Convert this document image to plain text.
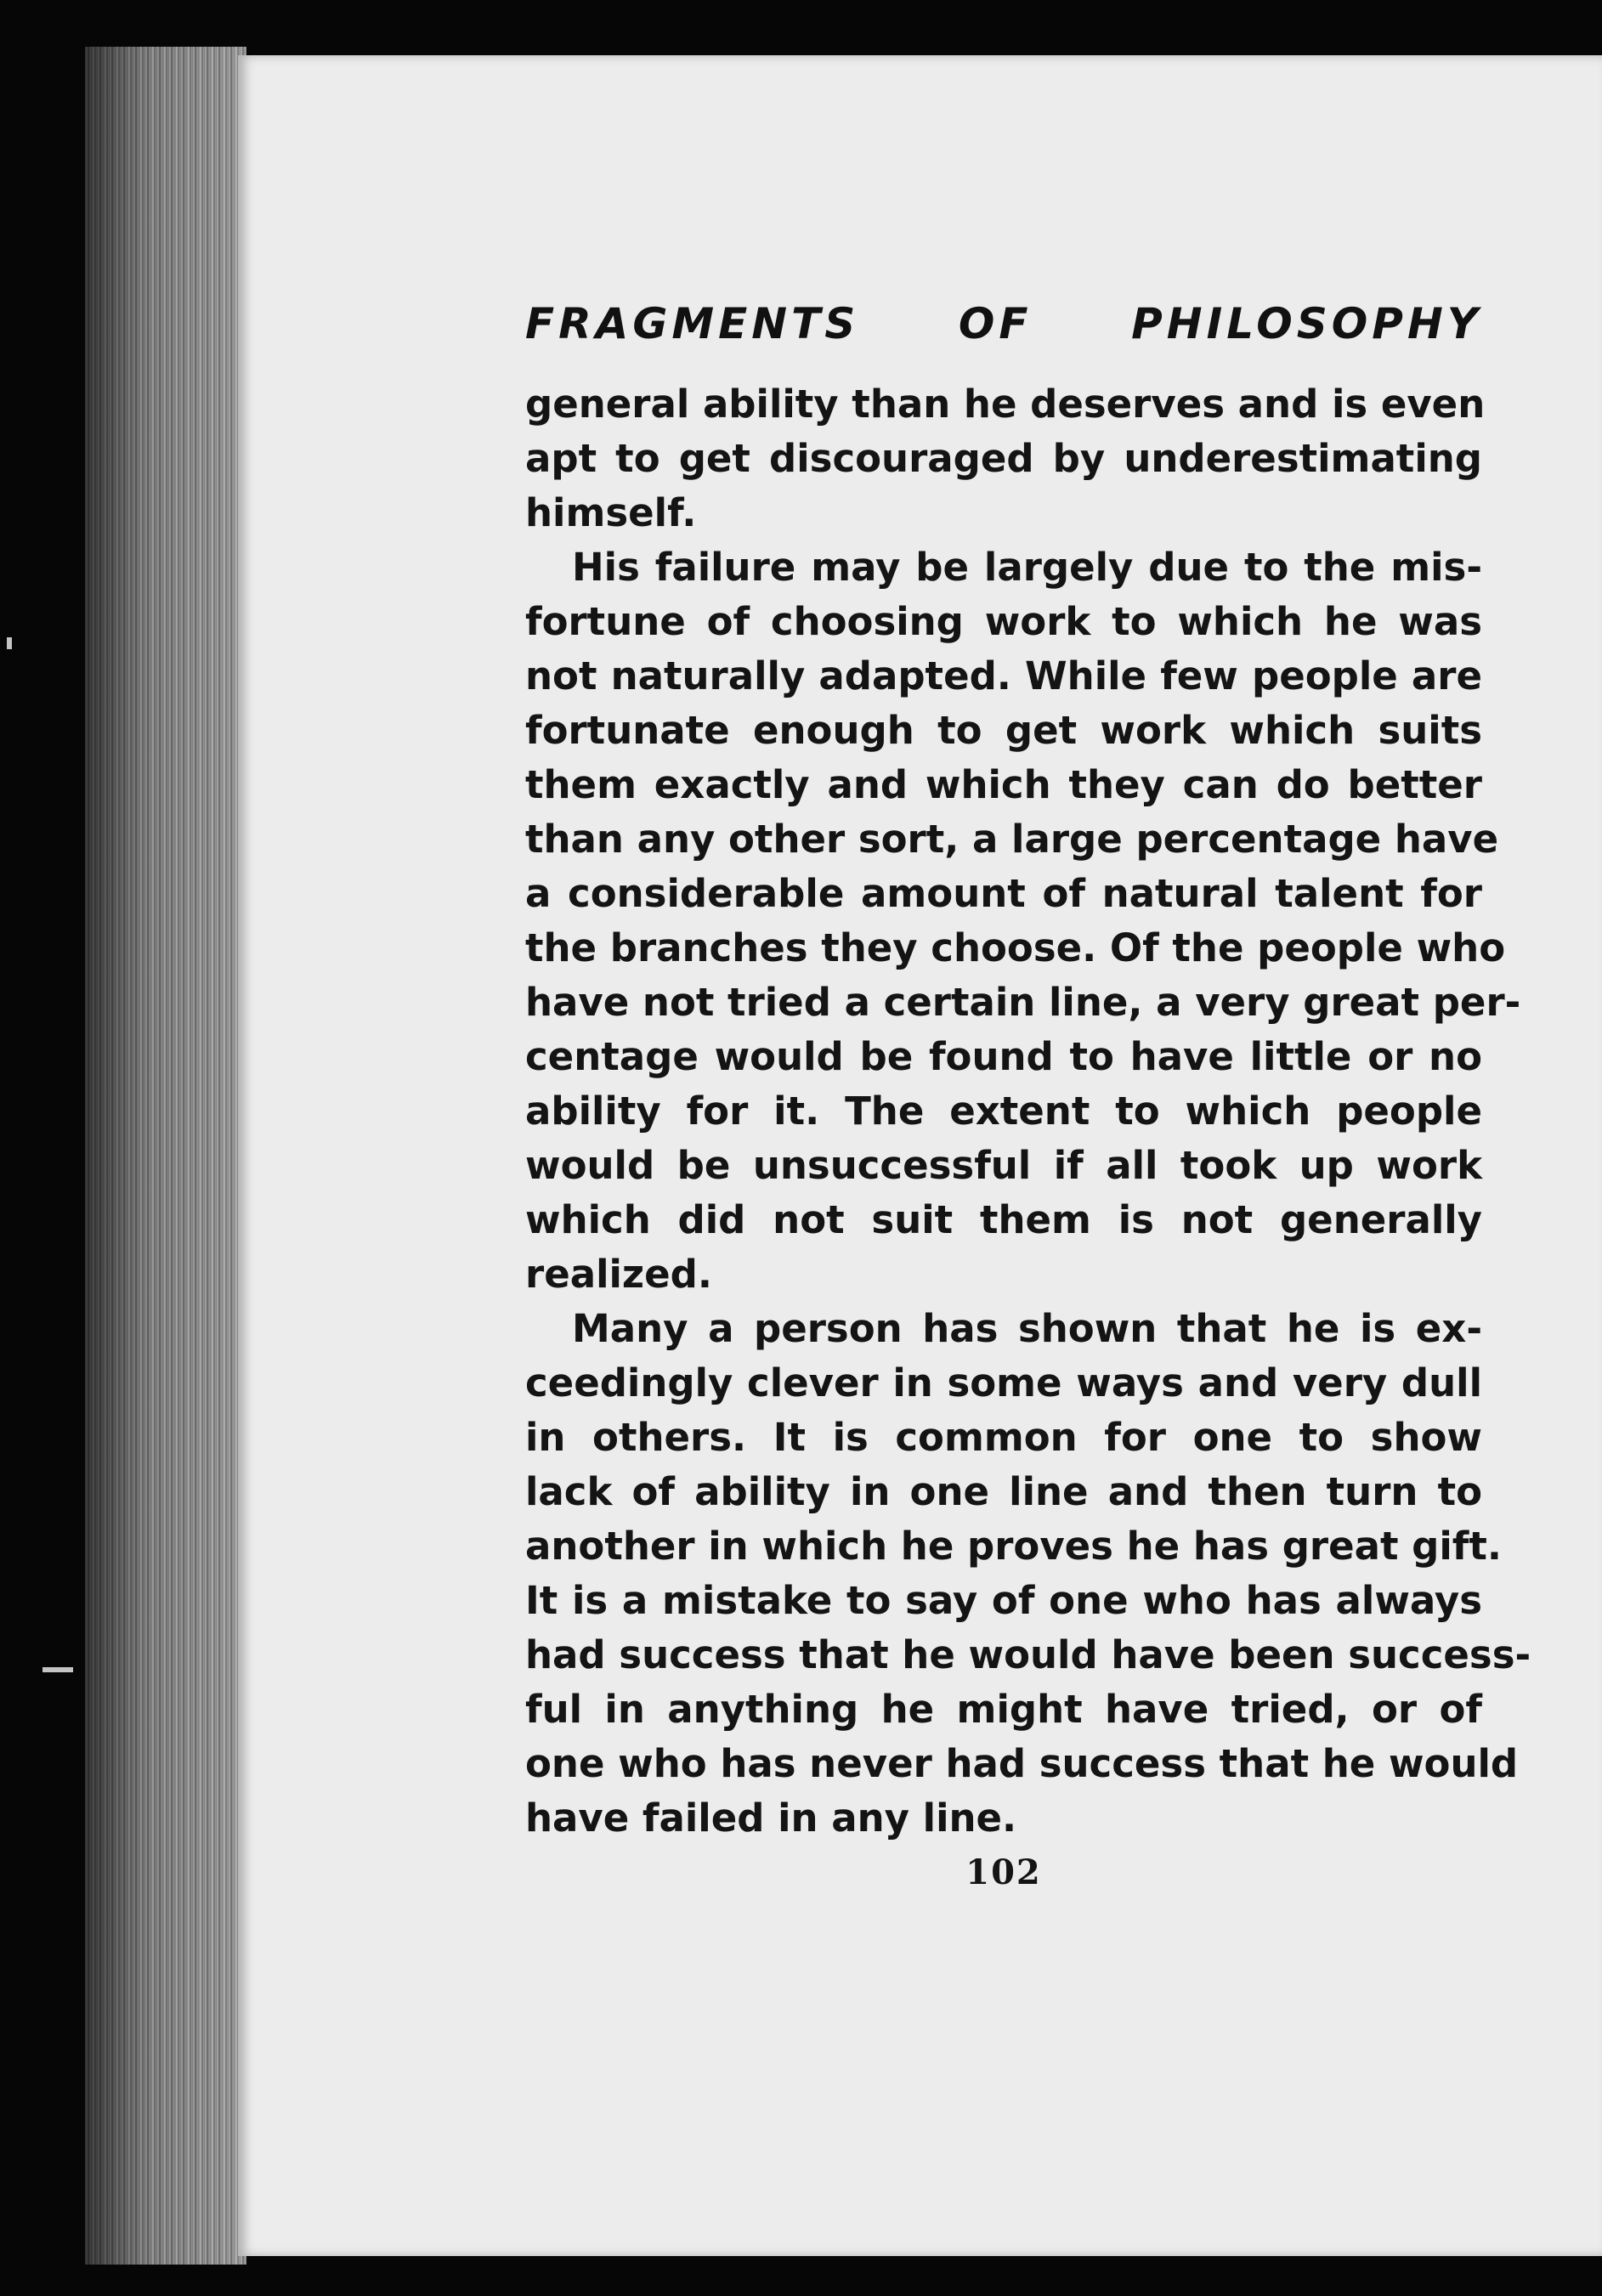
FRAGMENTS OF PHILOSOPHY
general ability than he deserves and is even
apt to get discouraged by underestimating
himself.
His failure may be largely due to the mis-
fortune of choosing work to which he was
not naturally adapted. While few people are
fortunate enough to get work which suits
them exactly and which they can do better
than any other sort, a large percentage have
a considerable amount of natural talent for
the branches they choose. Of the people who
have not tried a certain line, a very great per-
centage would be found to have little or no
ability for it. The extent to which people
would be unsuccessful if all took up work
which did not suit them is not generally
realized.
Many a person has shown that he is ex-
ceedingly clever in some ways and very dull
in others. It is common for one to show
lack of ability in one line and then turn to
another in which he proves he has great gift.
It is a mistake to say of one who has always
had success that he would have been success-
ful in anything he might have tried, or of
one who has never had success that he would
have failed in any line.
102
